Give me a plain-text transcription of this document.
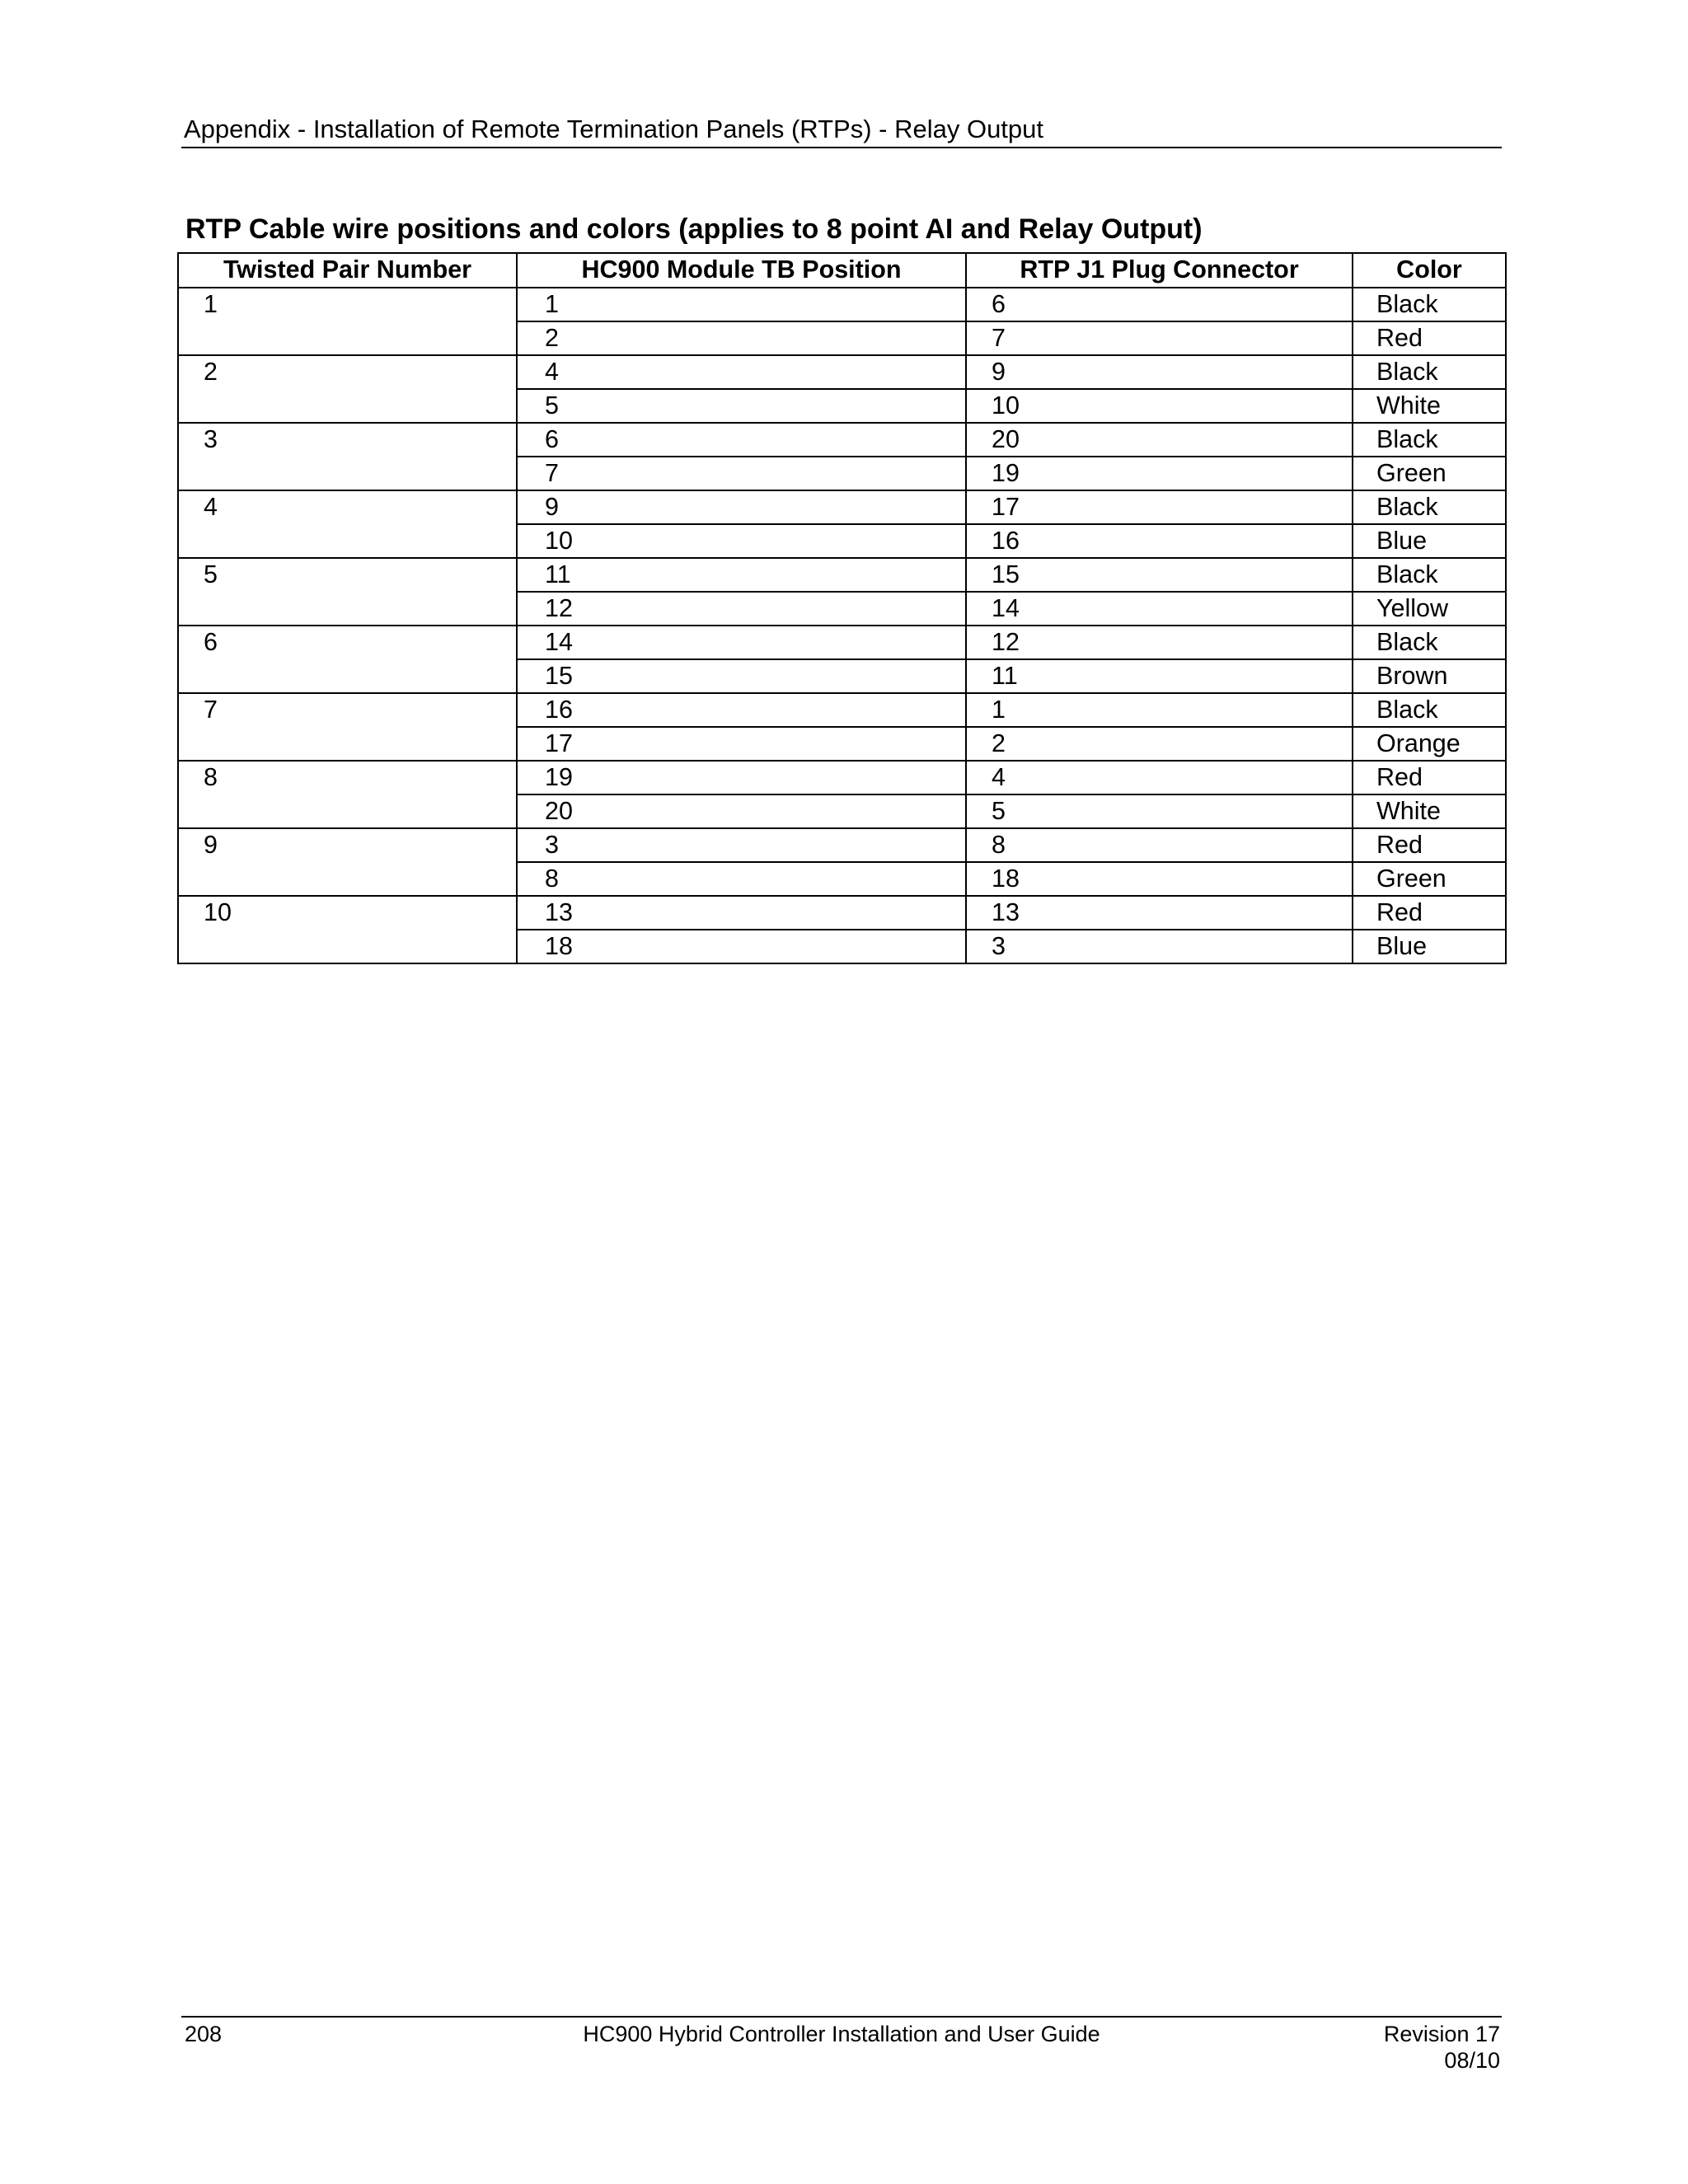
Appendix - Installation of Remote Termination Panels (RTPs) - Relay Output
RTP Cable wire positions and colors (applies to 8 point AI and Relay Output)
Twisted Pair Number	HC900 Module TB Position	RTP J1 Plug Connector	Color
1	1	6	Black
	2	7	Red
2	4	9	Black
	5	10	White
3	6	20	Black
	7	19	Green
4	9	17	Black
	10	16	Blue
5	11	15	Black
	12	14	Yellow
6	14	12	Black
	15	11	Brown
7	16	1	Black
	17	2	Orange
8	19	4	Red
	20	5	White
9	3	8	Red
	8	18	Green
10	13	13	Red
	18	3	Blue
208	HC900 Hybrid Controller Installation and User Guide	Revision 17
08/10
